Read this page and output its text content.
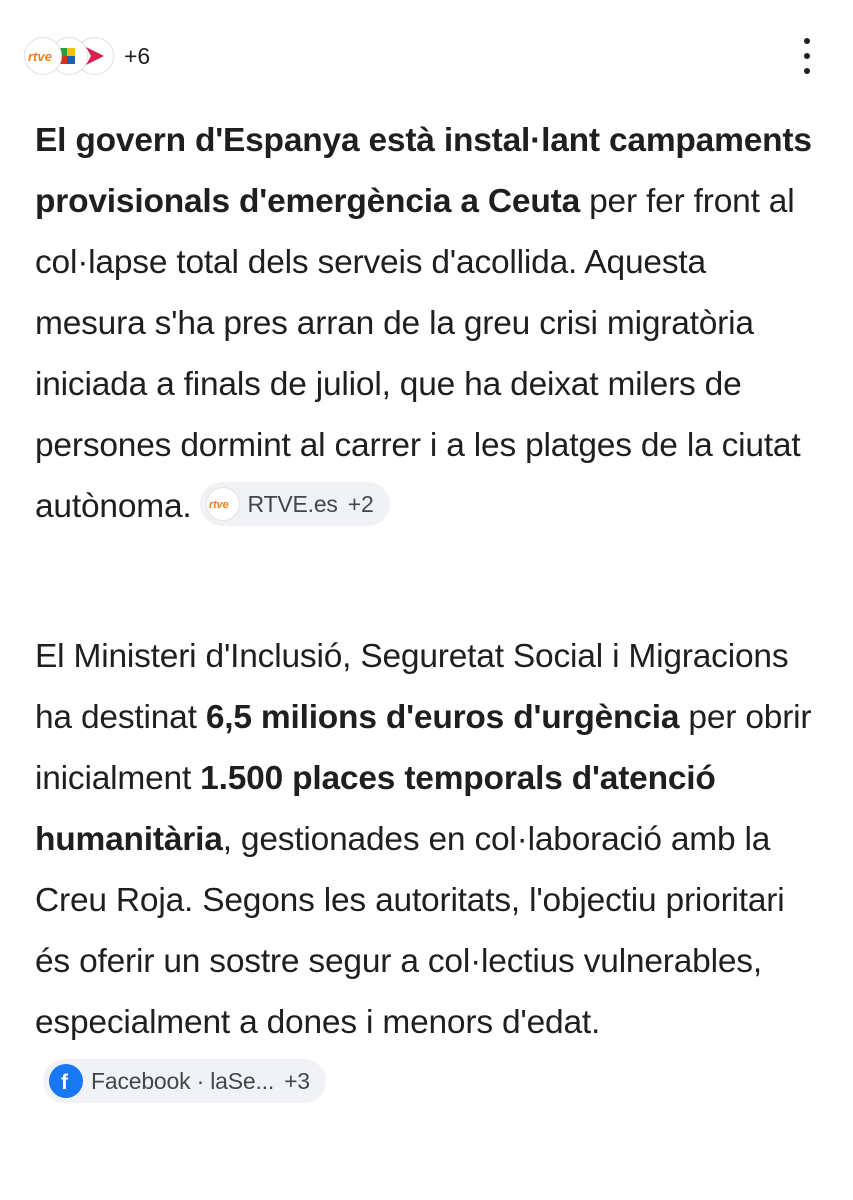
rtve	+6
El govern d'Espanya està instal·lant campaments provisionals d'emergència a Ceuta per fer front al col·lapse total dels serveis d'acollida. Aquesta mesura s'ha pres arran de la greu crisi migratòria iniciada a finals de juliol, que ha deixat milers de persones dormint al carrer i a les platges de la ciutat autònoma. rtve RTVE.es +2
El Ministeri d'Inclusió, Seguretat Social i Migracions ha destinat 6,5 milions d'euros d'urgència per obrir inicialment 1.500 places temporals d'atenció humanitària, gestionades en col·laboració amb la Creu Roja. Segons les autoritats, l'objectiu prioritari és oferir un sostre segur a col·lectius vulnerables, especialment a dones i menors d'edat.
f Facebook · laSe... +3
